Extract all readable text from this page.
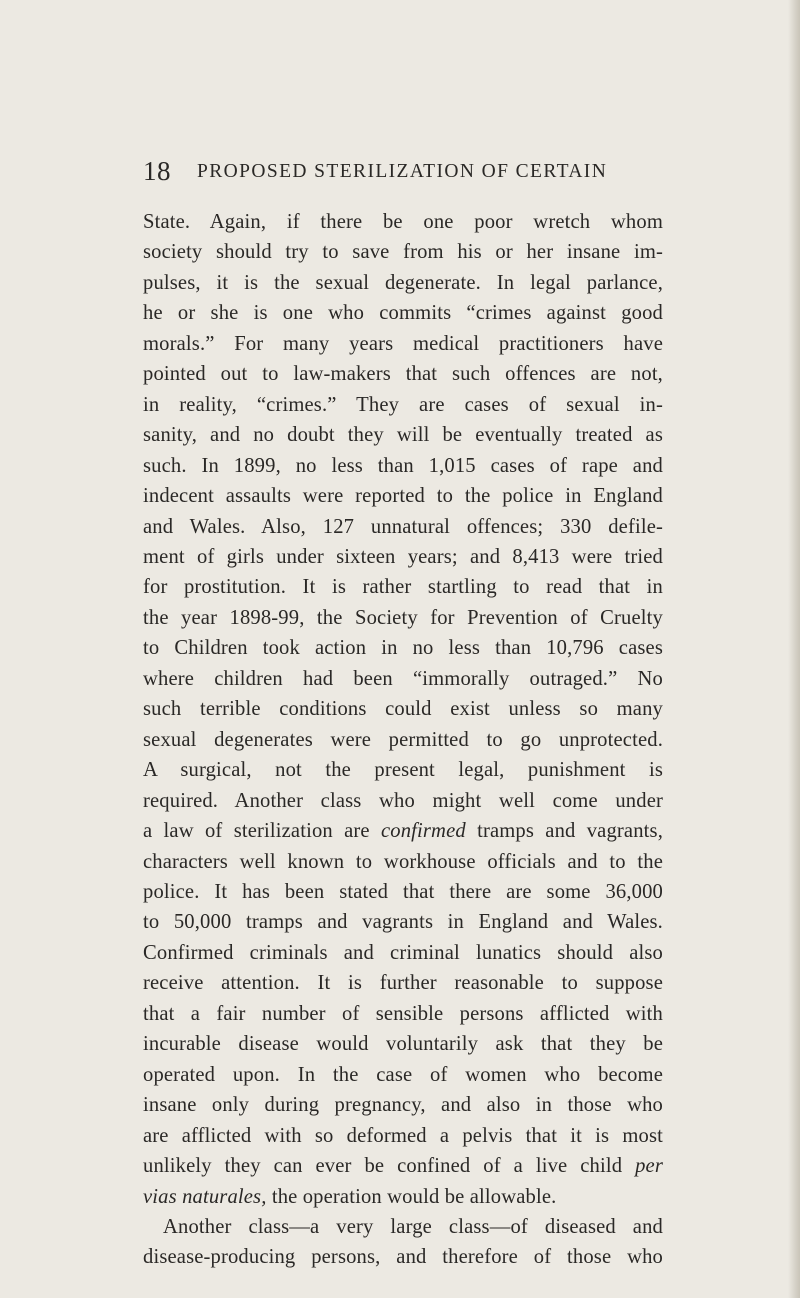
18 PROPOSED STERILIZATION OF CERTAIN
State. Again, if there be one poor wretch whom
society should try to save from his or her insane im-
pulses, it is the sexual degenerate. In legal parlance,
he or she is one who commits “crimes against good
morals.” For many years medical practitioners have
pointed out to law-makers that such offences are not,
in reality, “crimes.” They are cases of sexual in-
sanity, and no doubt they will be eventually treated as
such. In 1899, no less than 1,015 cases of rape and
indecent assaults were reported to the police in England
and Wales. Also, 127 unnatural offences; 330 defile-
ment of girls under sixteen years; and 8,413 were tried
for prostitution. It is rather startling to read that in
the year 1898-99, the Society for Prevention of Cruelty
to Children took action in no less than 10,796 cases
where children had been “immorally outraged.” No
such terrible conditions could exist unless so many
sexual degenerates were permitted to go unprotected.
A surgical, not the present legal, punishment is
required. Another class who might well come under
a law of sterilization are confirmed tramps and vagrants,
characters well known to workhouse officials and to the
police. It has been stated that there are some 36,000
to 50,000 tramps and vagrants in England and Wales.
Confirmed criminals and criminal lunatics should also
receive attention. It is further reasonable to suppose
that a fair number of sensible persons afflicted with
incurable disease would voluntarily ask that they be
operated upon. In the case of women who become
insane only during pregnancy, and also in those who
are afflicted with so deformed a pelvis that it is most
unlikely they can ever be confined of a live child per
vias naturales, the operation would be allowable.
Another class—a very large class—of diseased and
disease-producing persons, and therefore of those who
